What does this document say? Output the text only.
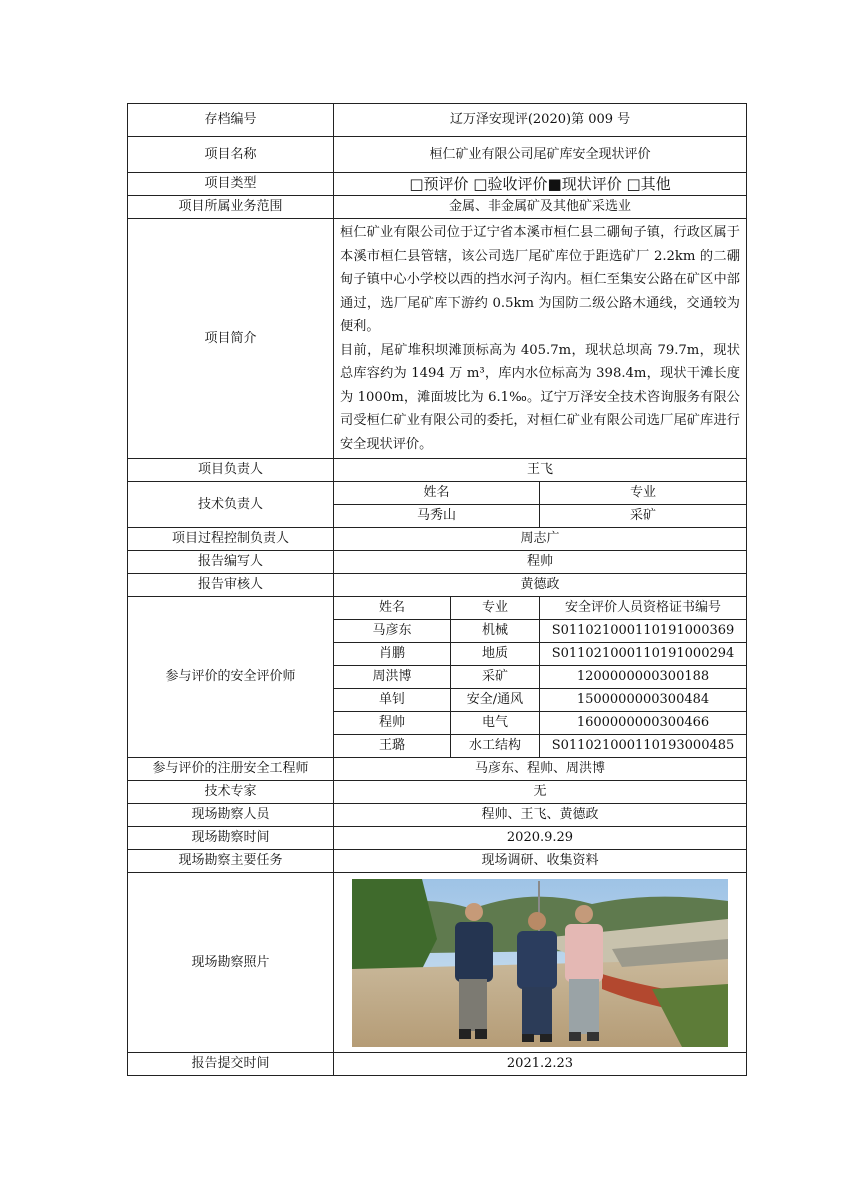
存档编号	辽万泽安现评(2020)第 009 号		
项目名称	桓仁矿业有限公司尾矿库安全现状评价		
项目类型	□预评价 □验收评价■现状评价 □其他		
项目所属业务范围	金属、非金属矿及其他矿采选业		
项目简介	桓仁矿业有限公司位于辽宁省本溪市桓仁县二硼甸子镇，行政区属于本溪市桓仁县管辖，该公司选厂尾矿库位于距选矿厂 2.2km 的二硼甸子镇中心小学校以西的挡水河子沟内。桓仁至集安公路在矿区中部通过，选厂尾矿库下游约 0.5km 为国防二级公路木通线，交通较为便利。

目前，尾矿堆积坝滩顶标高为 405.7m，现状总坝高 79.7m，现状总库容约为 1494 万 m³，库内水位标高为 398.4m，现状干滩长度为 1000m，滩面坡比为 6.1‰。辽宁万泽安全技术咨询服务有限公司受桓仁矿业有限公司的委托，对桓仁矿业有限公司选厂尾矿库进行安全现状评价。		

项目负责人	王飞		
技术负责人	姓名		专业
	马秀山		采矿
项目过程控制负责人	周志广		
报告编写人	程帅		
报告审核人	黄德政		
参与评价的安全评价师	姓名	专业	安全评价人员资格证书编号
	马彦东	机械	S011021000110191000369
	肖鹏	地质	S011021000110191000294
	周洪博	采矿	1200000000300188
	单钊	安全/通风	1500000000300484
	程帅	电气	1600000000300466
	王璐	水工结构	S011021000110193000485
参与评价的注册安全工程师	马彦东、程帅、周洪博		
技术专家	无		
现场勘察人员	程帅、王飞、黄德政		
现场勘察时间	2020.9.29		
现场勘察主要任务	现场调研、收集资料		
现场勘察照片	

报告提交时间	2021.2.23		
